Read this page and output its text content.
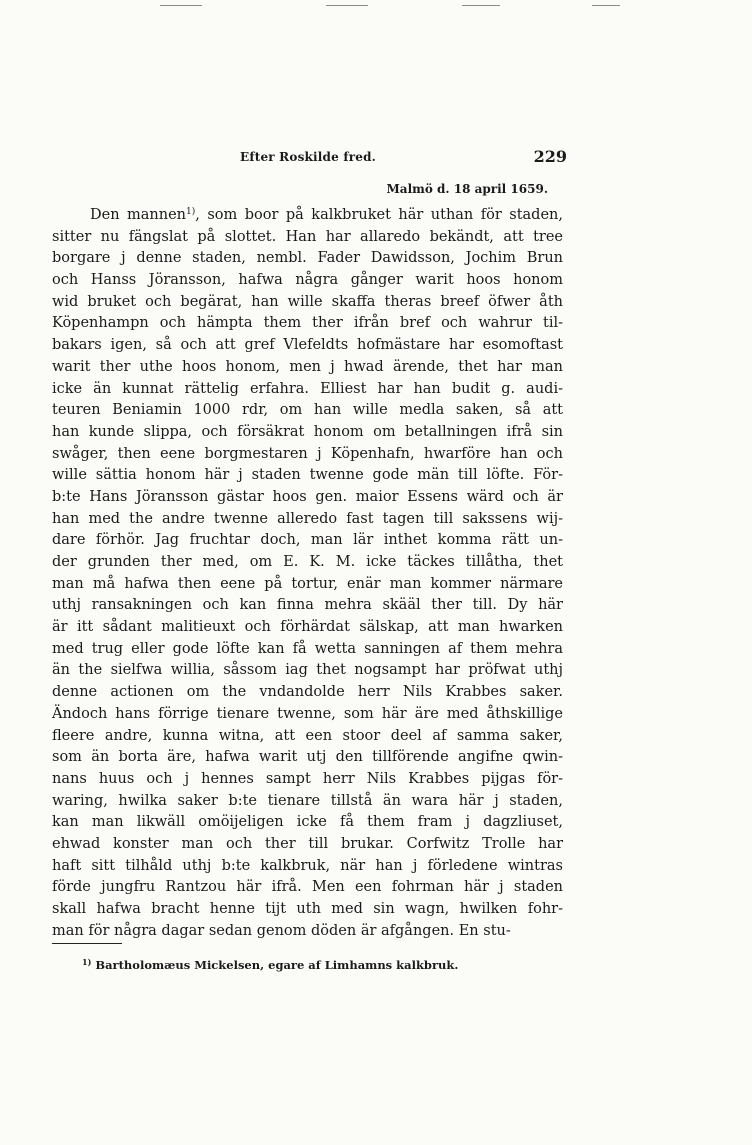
Efter Roskilde fred.	229
Malmö d. 18 april 1659.
Den mannen$^{1)}$, som boor på kalkbruket här uthan för staden,
sitter nu fängslat på slottet. Han har allaredo bekändt, att tree
borgare j denne staden, nembl. Fader Dawidsson, Jochim Brun
och Hanss Jöransson, hafwa några gånger warit hoos honom
wid bruket och begärat, han wille skaffa theras breef öfwer åth
Köpenhampn och hämpta them ther ifrån bref och wahrur til-
bakars igen, så och att gref Vlefeldts hofmästare har esomoftast
warit ther uthe hoos honom, men j hwad ärende, thet har man
icke än kunnat rättelig erfahra. Elliest har han budit g. audi-
teuren Beniamin 1000 rdr, om han wille medla saken, så att
han kunde slippa, och försäkrat honom om betallningen ifrå sin
swåger, then eene borgmestaren j Köpenhafn, hwarföre han och
wille sättia honom här j staden twenne gode män till löfte. För-
b:te Hans Jöransson gästar hoos gen. maior Essens wärd och är
han med the andre twenne alleredo fast tagen till sakssens wij-
dare förhör. Jag fruchtar doch, man lär inthet komma rätt un-
der grunden ther med, om E. K. M. icke täckes tillåtha, thet
man må hafwa then eene på tortur, enär man kommer närmare
uthj ransakningen och kan finna mehra skääl ther till. Dy här
är itt sådant malitieuxt och förhärdat sälskap, att man hwarken
med trug eller gode löfte kan få wetta sanningen af them mehra
än the sielfwa willia, såssom iag thet nogsampt har pröfwat uthj
denne actionen om the vndandolde herr Nils Krabbes saker.
Ändoch hans förrige tienare twenne, som här äre med åthskillige
fleere andre, kunna witna, att een stoor deel af samma saker,
som än borta äre, hafwa warit utj den tillförende angifne qwin-
nans huus och j hennes sampt herr Nils Krabbes pijgas för-
waring, hwilka saker b:te tienare tillstå än wara här j staden,
kan man likwäll omöijeligen icke få them fram j dagzliuset,
ehwad konster man och ther till brukar. Corfwitz Trolle har
haft sitt tilhåld uthj b:te kalkbruk, när han j förledene wintras
förde jungfru Rantzou här ifrå. Men een fohrman här j staden
skall hafwa bracht henne tijt uth med sin wagn, hwilken fohr-
man för några dagar sedan genom döden är afgången. En stu-
$^{1)}$ Bartholomæus Mickelsen, egare af Limhamns kalkbruk.
